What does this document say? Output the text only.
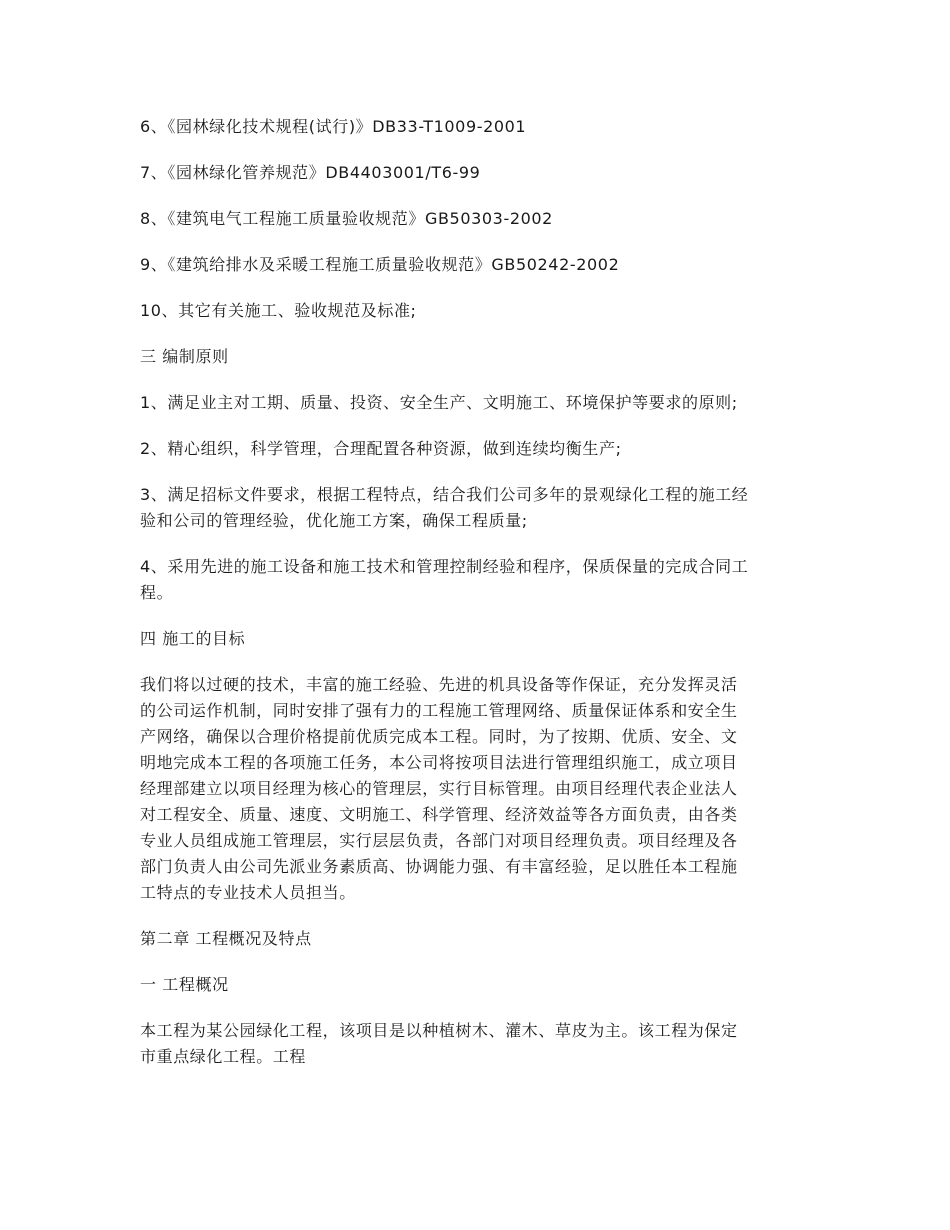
6、《园林绿化技术规程(试行)》DB33-T1009-2001

7、《园林绿化管养规范》DB4403001/T6-99

8、《建筑电气工程施工质量验收规范》GB50303-2002

9、《建筑给排水及采暖工程施工质量验收规范》GB50242-2002

10、其它有关施工、验收规范及标准;

三 编制原则

1、满足业主对工期、质量、投资、安全生产、文明施工、环境保护等要求的原则;

2、精心组织，科学管理，合理配置各种资源，做到连续均衡生产;

3、满足招标文件要求，根据工程特点，结合我们公司多年的景观绿化工程的施工经

验和公司的管理经验，优化施工方案，确保工程质量;

4、采用先进的施工设备和施工技术和管理控制经验和程序，保质保量的完成合同工

程。

四 施工的目标

我们将以过硬的技术，丰富的施工经验、先进的机具设备等作保证，充分发挥灵活

的公司运作机制，同时安排了强有力的工程施工管理网络、质量保证体系和安全生

产网络，确保以合理价格提前优质完成本工程。同时，为了按期、优质、安全、文

明地完成本工程的各项施工任务，本公司将按项目法进行管理组织施工，成立项目

经理部建立以项目经理为核心的管理层，实行目标管理。由项目经理代表企业法人

对工程安全、质量、速度、文明施工、科学管理、经济效益等各方面负责，由各类

专业人员组成施工管理层，实行层层负责，各部门对项目经理负责。项目经理及各

部门负责人由公司先派业务素质高、协调能力强、有丰富经验，足以胜任本工程施

工特点的专业技术人员担当。

第二章 工程概况及特点

一 工程概况

本工程为某公园绿化工程，该项目是以种植树木、灌木、草皮为主。该工程为保定

市重点绿化工程。工程
